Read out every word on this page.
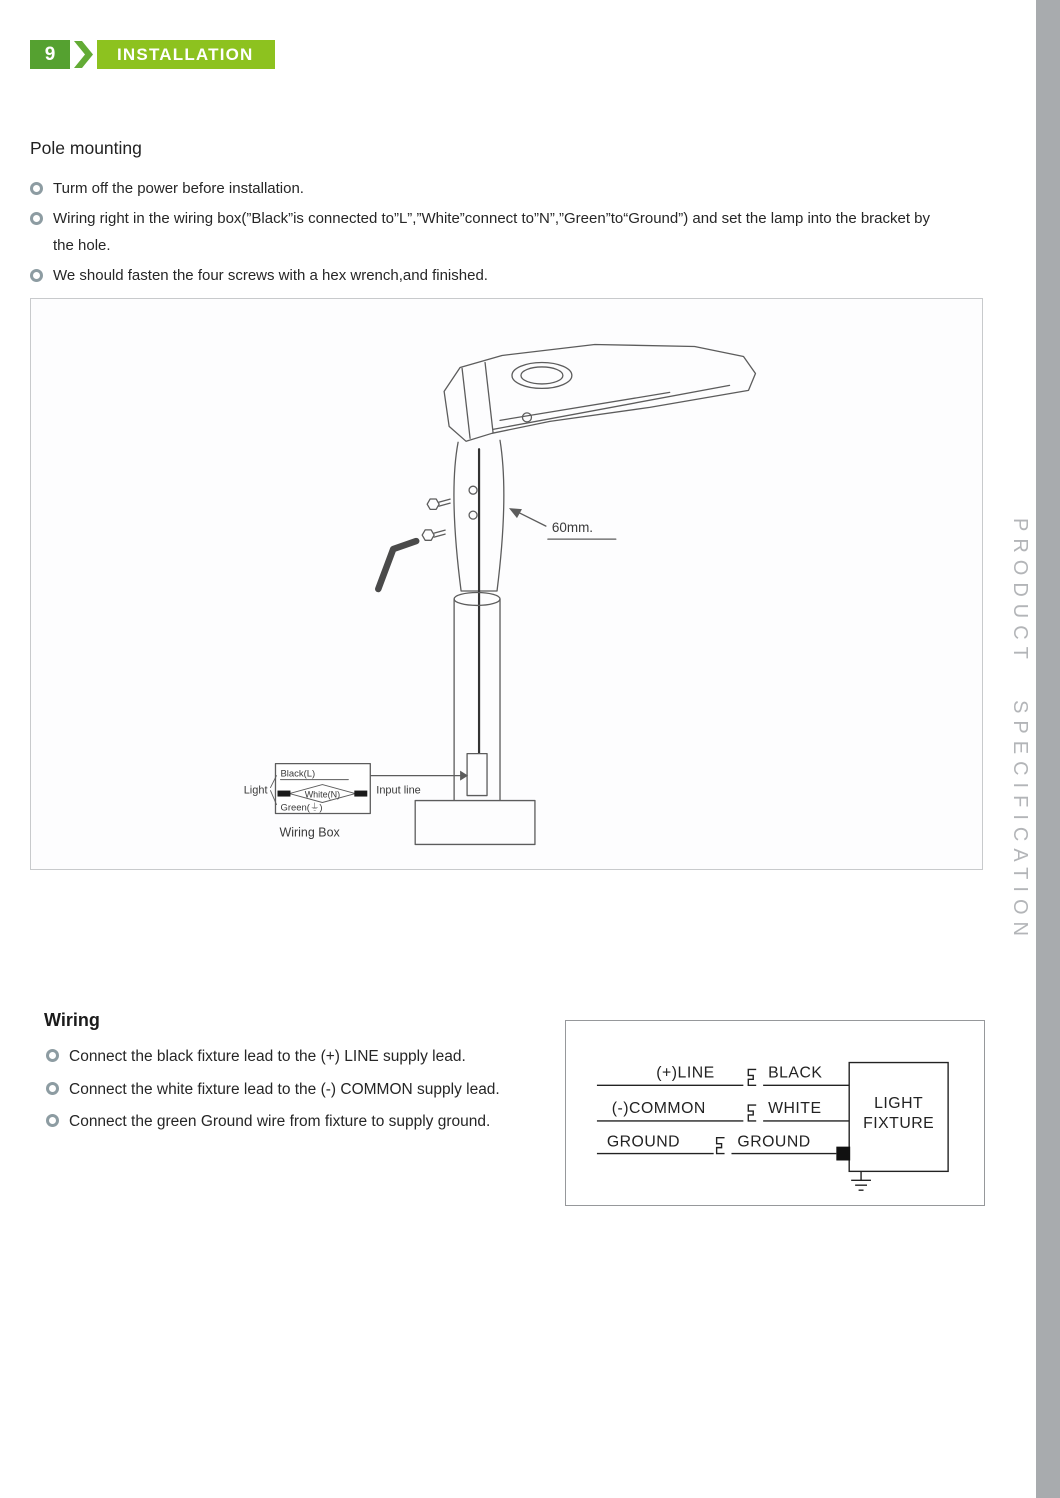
PRODUCT SPECIFICATION
9	INSTALLATION
Pole mounting
Turm off the power before installation.
Wiring right in the wiring box(”Black”is connected to”L”,”White”connect to”N”,”Green”to“Ground”) and set the lamp into the bracket by the hole.
We should fasten the four screws with a hex wrench,and finished.
60mm.
Black(L)
White(N)
Green(⏚)
Light	Input line
Wiring Box
Wiring
Connect the black fixture lead to the (+) LINE supply lead.
Connect the white fixture lead to the (-) COMMON supply lead.
Connect the green Ground wire from fixture to supply ground.
(+)LINE	BLACK
(-)COMMON	WHITE
GROUND	GROUND
LIGHT
FIXTURE
